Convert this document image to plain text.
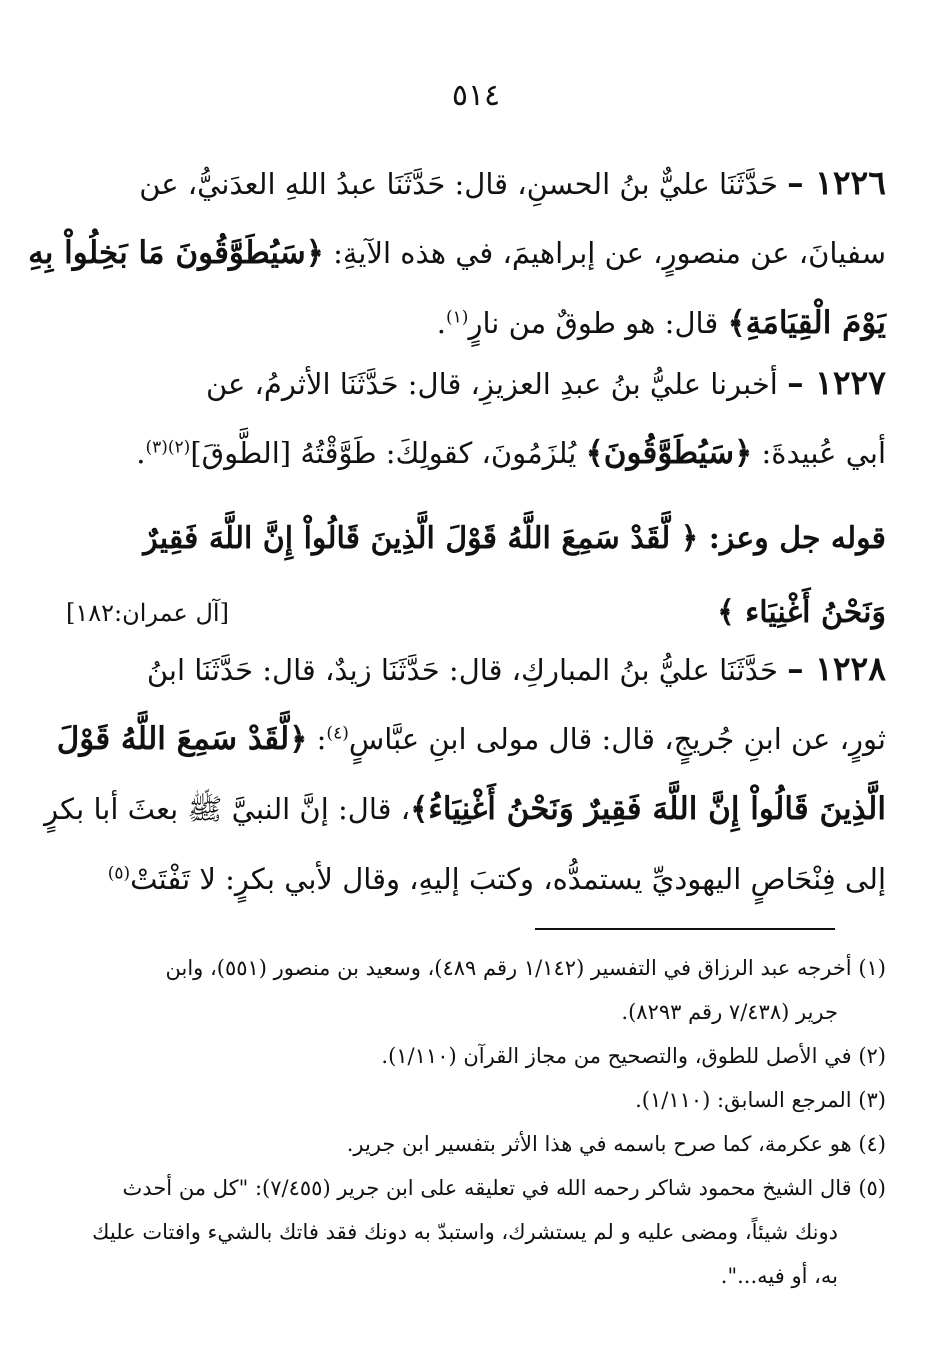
٥١٤
١٢٢٦ – حَدَّثَنَا عليٌّ بنُ الحسنِ، قال: حَدَّثَنَا عبدُ اللهِ العدَنيُّ، عن
سفيانَ، عن منصورٍ، عن إبراهيمَ، في هذه الآيةِ: ﴿سَيُطَوَّقُونَ مَا بَخِلُواْ بِهِ
يَوْمَ الْقِيَامَةِ﴾ قال: هو طوقٌ من نارٍ$^{(١)}$.
١٢٢٧ – أخبرنا عليُّ بنُ عبدِ العزيزِ، قال: حَدَّثَنَا الأثرمُ، عن
أبي عُبيدةَ: ﴿سَيُطَوَّقُونَ﴾ يُلزَمُونَ، كقولِكَ: طَوَّقْتُهُ [الطَّوقَ]$^{(٢)(٣)}$.
قوله جل وعز: ﴿ لَّقَدْ سَمِعَ اللَّهُ قَوْلَ الَّذِينَ قَالُواْ إِنَّ اللَّهَ فَقِيرٌ
وَنَحْنُ أَغْنِيَاء ﴾
[آل عمران:١٨٢]
١٢٢٨ – حَدَّثَنَا عليُّ بنُ المباركِ، قال: حَدَّثَنَا زيدٌ، قال: حَدَّثَنَا ابنُ
ثورٍ، عن ابنِ جُريجٍ، قال: قال مولى ابنِ عبَّاسٍ$^{(٤)}$: ﴿لَّقَدْ سَمِعَ اللَّهُ قَوْلَ
الَّذِينَ قَالُواْ إِنَّ اللَّهَ فَقِيرٌ وَنَحْنُ أَغْنِيَاءُ﴾، قال: إنَّ النبيَّ ﷺ بعثَ أبا بكرٍ
إلى فِنْحَاصٍ اليهوديِّ يستمدُّه، وكتبَ إليهِ، وقال لأبي بكرٍ: لا تَفْتَتْ$^{(٥)}$
(١) أخرجه عبد الرزاق في التفسير (١/١٤٢ رقم ٤٨٩)، وسعيد بن منصور (٥٥١)، وابن
جرير (٧/٤٣٨ رقم ٨٢٩٣).
(٢) في الأصل للطوق، والتصحيح من مجاز القرآن (١/١١٠).
(٣) المرجع السابق: (١/١١٠).
(٤) هو عكرمة، كما صرح باسمه في هذا الأثر بتفسير ابن جرير.
(٥) قال الشيخ محمود شاكر رحمه الله في تعليقه على ابن جرير (٧/٤٥٥): "كل من أحدث
دونك شيئاً، ومضى عليه و لم يستشرك، واستبدّ به دونك فقد فاتك بالشيء وافتات عليك
به، أو فيه...".
